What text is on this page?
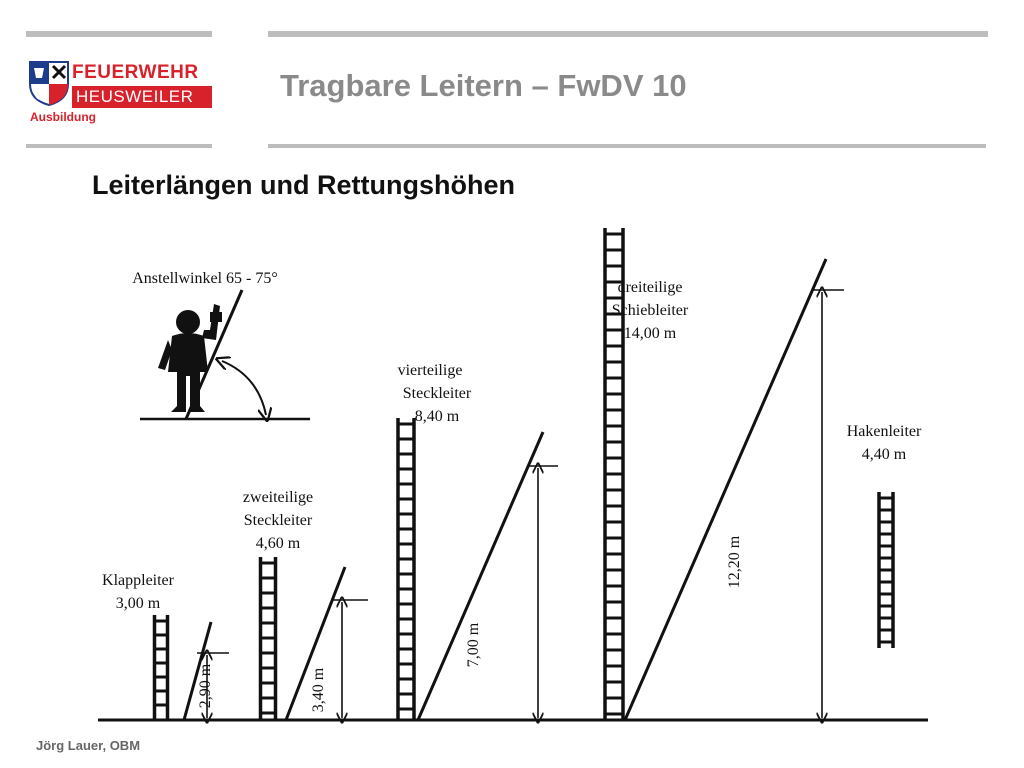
FEUERWEHR
HEUSWEILER
Ausbildung
Tragbare Leitern – FwDV 10
Leiterlängen und Rettungshöhen
Anstellwinkel 65 - 75°
Klappleiter
3,00 m
2,90 m
zweiteilige
Steckleiter
4,60 m
3,40 m
vierteilige
Steckleiter
8,40 m
7,00 m
dreiteilige
Schiebleiter
14,00 m
12,20 m
Hakenleiter
4,40 m
Jörg Lauer, OBM
